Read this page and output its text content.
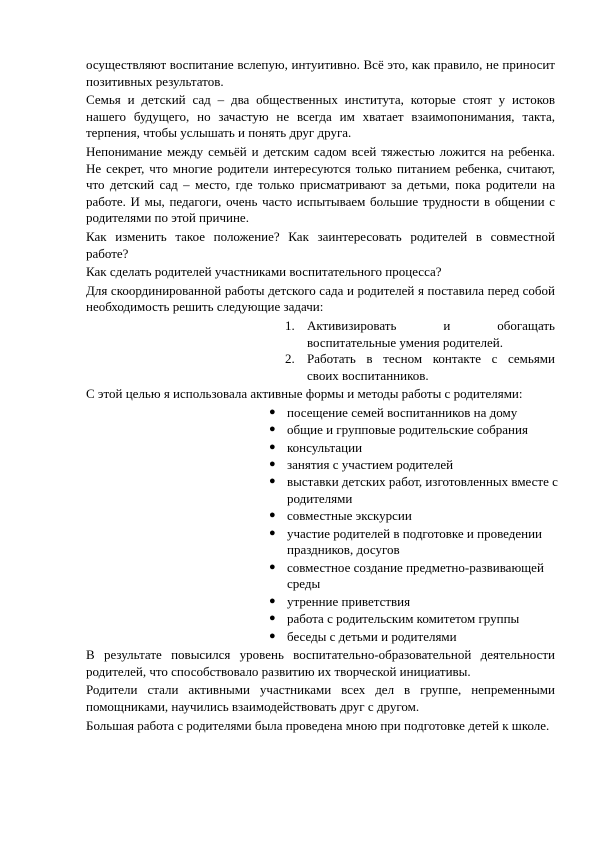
осуществляют воспитание вслепую, интуитивно. Всё это, как правило, не приносит позитивных результатов.

Семья и детский сад – два общественных института, которые стоят у истоков нашего будущего, но зачастую не всегда им хватает взаимопонимания, такта, терпения, чтобы услышать и понять друг друга.

Непонимание между семьёй и детским садом всей тяжестью ложится на ребенка. Не секрет, что многие родители интересуются только питанием ребенка, считают, что детский сад – место, где только присматривают за детьми, пока родители на работе. И мы, педагоги, очень часто испытываем большие трудности в общении с родителями по этой причине.

Как изменить такое положение? Как заинтересовать родителей в совместной работе?

Как сделать родителей участниками воспитательного процесса?

Для скоординированной работы детского сада и родителей я поставила перед собой необходимость решить следующие задачи:

1. Активизировать и обогащать
воспитательные умения родителей.
2. Работать в тесном контакте с семьями
своих воспитанников.

С этой целью я использовала активные формы и методы работы с родителями:

● посещение семей воспитанников на дому
● общие и групповые родительские собрания
● консультации
● занятия с участием родителей
● выставки детских работ, изготовленных вместе с родителями
● совместные экскурсии
● участие родителей в подготовке и проведении праздников, досугов
● совместное создание предметно-развивающей среды
● утренние приветствия
● работа с родительским комитетом группы
● беседы с детьми и родителями

В результате повысился уровень воспитательно-образовательной деятельности родителей, что способствовало развитию их творческой инициативы.

Родители стали активными участниками всех дел в группе, непременными помощниками, научились взаимодействовать друг с другом.

Большая работа с родителями была проведена мною при подготовке детей к школе.
